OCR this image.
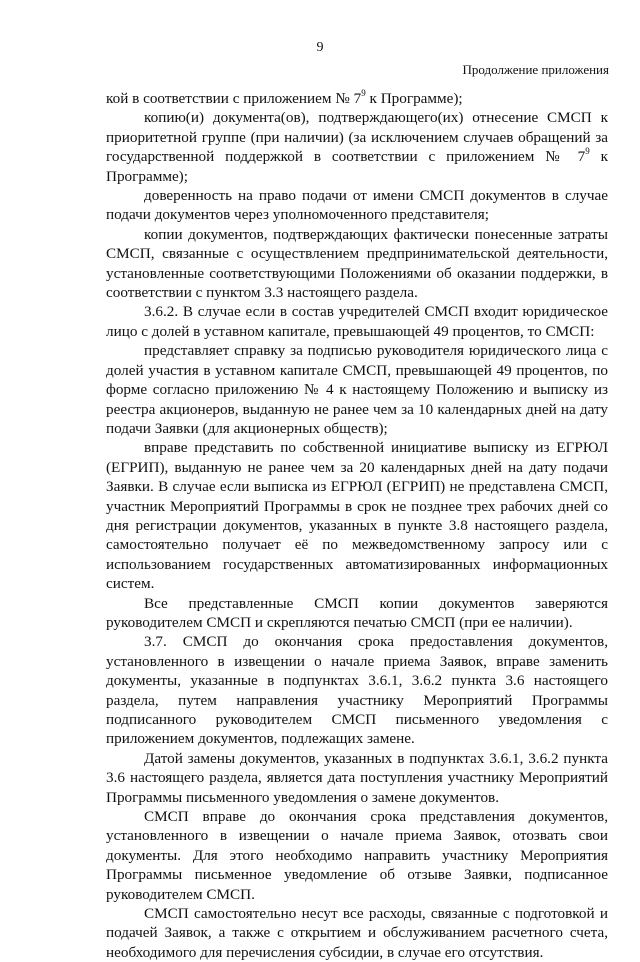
9
Продолжение приложения

кой в соответствии с приложением № $7^9$ к Программе);

копию(и) документа(ов), подтверждающего(их) отнесение СМСП к приоритетной группе (при наличии) (за исключением случаев обращений за государственной поддержкой в соответствии с приложением № $7^9$ к Программе);

доверенность на право подачи от имени СМСП документов в случае подачи документов через уполномоченного представителя;

копии документов, подтверждающих фактически понесенные затраты СМСП, связанные с осуществлением предпринимательской деятельности, установленные соответствующими Положениями об оказании поддержки, в соответствии с пунктом 3.3 настоящего раздела.

3.6.2. В случае если в состав учредителей СМСП входит юридическое лицо с долей в уставном капитале, превышающей 49 процентов, то СМСП:

представляет справку за подписью руководителя юридического лица с долей участия в уставном капитале СМСП, превышающей 49 процентов, по форме согласно приложению № 4 к настоящему Положению и выписку из реестра акционеров, выданную не ранее чем за 10 календарных дней на дату подачи Заявки (для акционерных обществ);

вправе представить по собственной инициативе выписку из ЕГРЮЛ (ЕГРИП), выданную не ранее чем за 20 календарных дней на дату подачи Заявки. В случае если выписка из ЕГРЮЛ (ЕГРИП) не представлена СМСП, участник Мероприятий Программы в срок не позднее трех рабочих дней со дня регистрации документов, указанных в пункте 3.8 настоящего раздела, самостоятельно получает её по межведомственному запросу или с использованием государственных автоматизированных информационных систем.

Все представленные СМСП копии документов заверяются руководителем СМСП и скрепляются печатью СМСП (при ее наличии).

3.7. СМСП до окончания срока предоставления документов, установленного в извещении о начале приема Заявок, вправе заменить документы, указанные в подпунктах 3.6.1, 3.6.2 пункта 3.6 настоящего раздела, путем направления участнику Мероприятий Программы подписанного руководителем СМСП письменного уведомления с приложением документов, подлежащих замене.

Датой замены документов, указанных в подпунктах 3.6.1, 3.6.2 пункта 3.6 настоящего раздела, является дата поступления участнику Мероприятий Программы письменного уведомления о замене документов.

СМСП вправе до окончания срока представления документов, установленного в извещении о начале приема Заявок, отозвать свои документы. Для этого необходимо направить участнику Мероприятия Программы письменное уведомление об отзыве Заявки, подписанное руководителем СМСП.

СМСП самостоятельно несут все расходы, связанные с подготовкой и подачей Заявок, а также с открытием и обслуживанием расчетного счета, необходимого для перечисления субсидии, в случае его отсутствия.
